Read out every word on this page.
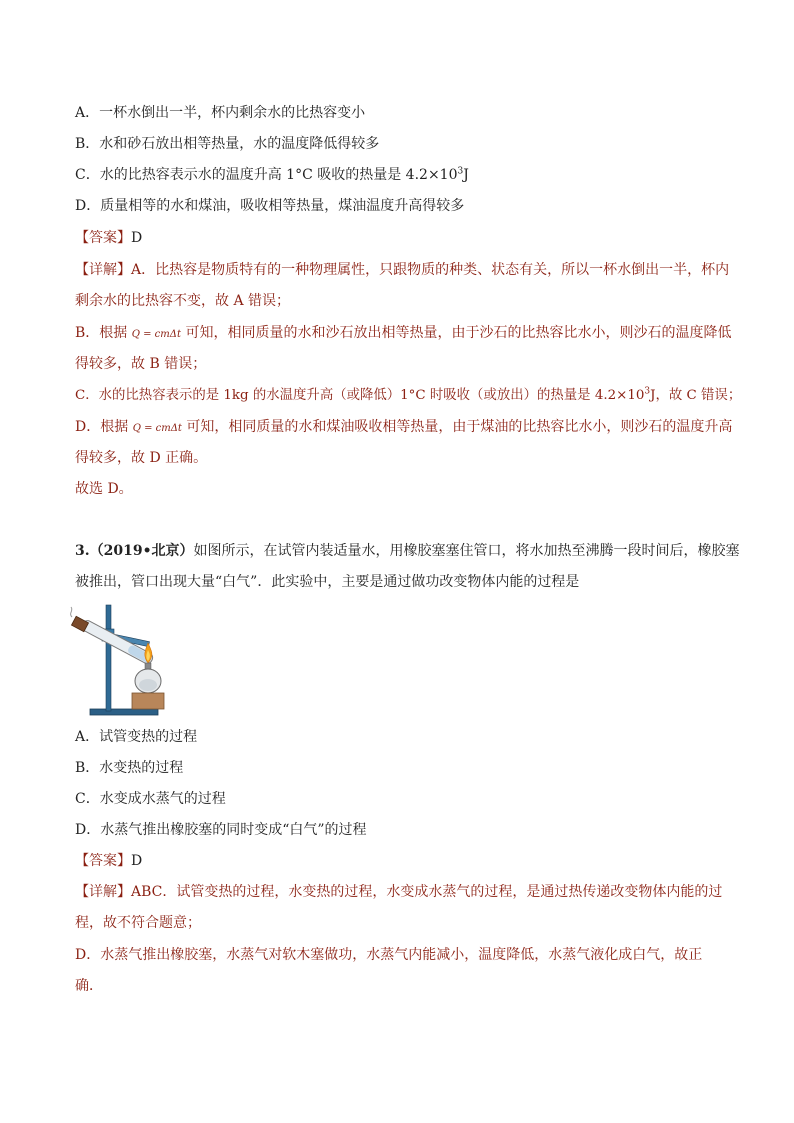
A．一杯水倒出一半，杯内剩余水的比热容变小
B．水和砂石放出相等热量，水的温度降低得较多
C．水的比热容表示水的温度升高 1°C 吸收的热量是 $4.2\times 10^3J$
D．质量相等的水和煤油，吸收相等热量，煤油温度升高得较多
【答案】D
【详解】A．比热容是物质特有的一种物理属性，只跟物质的种类、状态有关，所以一杯水倒出一半，杯内
剩余水的比热容不变，故 A 错误；
B．根据 Q = cmΔt 可知，相同质量的水和沙石放出相等热量，由于沙石的比热容比水小，则沙石的温度降低
得较多，故 B 错误；
C．水的比热容表示的是 1kg 的水温度升高（或降低）1°C 时吸收（或放出）的热量是 $4.2\times 10^3J$，故 C 错误；
D．根据 Q = cmΔt 可知，相同质量的水和煤油吸收相等热量，由于煤油的比热容比水小，则沙石的温度升高
得较多，故 D 正确。
故选 D。
3.（2019•北京）如图所示，在试管内装适量水，用橡胶塞塞住管口，将水加热至沸腾一段时间后，橡胶塞
被推出，管口出现大量“白气”．此实验中，主要是通过做功改变物体内能的过程是
A．试管变热的过程
B．水变热的过程
C．水变成水蒸气的过程
D．水蒸气推出橡胶塞的同时变成“白气”的过程
【答案】D
【详解】ABC．试管变热的过程，水变热的过程，水变成水蒸气的过程，是通过热传递改变物体内能的过
程，故不符合题意；
D．水蒸气推出橡胶塞，水蒸气对软木塞做功，水蒸气内能减小，温度降低，水蒸气液化成白气，故正
确．
